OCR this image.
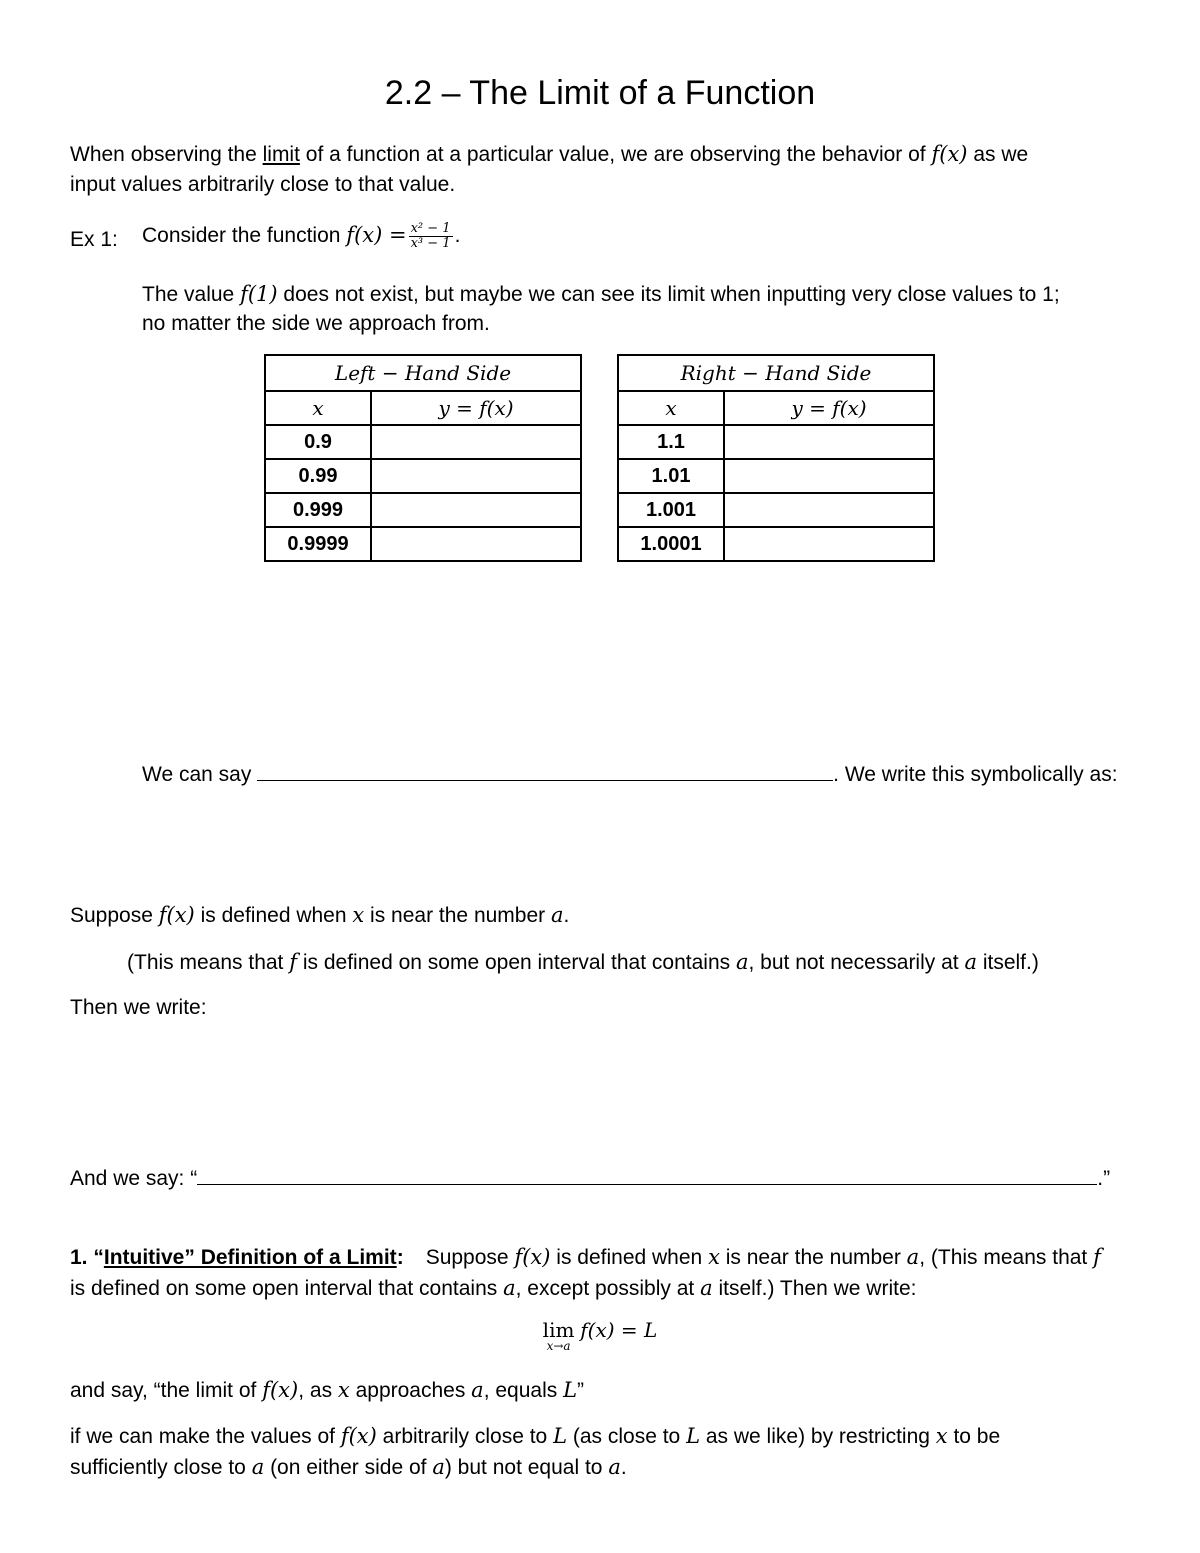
2.2 – The Limit of a Function
When observing the limit of a function at a particular value, we are observing the behavior of f(x) as we
input values arbitrarily close to that value.
Ex 1: Consider the function $f(x) = \frac{\text{x² − 1}}{\text{x³ − 1}}$ .
The value f(1) does not exist, but maybe we can see its limit when inputting very close values to 1;
no matter the side we approach from.
Left − Hand Side	
x	y = f(x)
0.9	
0.99	
0.999	
0.9999	
Right − Hand Side	
x	y = f(x)
1.1	
1.01	
1.001	
1.0001	
We can say	. We write this symbolically as:
Suppose f(x) is defined when x is near the number a.
(This means that f is defined on some open interval that contains a, but not necessarily at a itself.)
Then we write:
And we say: “	.”
1. “Intuitive” Definition of a Limit: Suppose f(x) is defined when x is near the number a, (This means that f
is defined on some open interval that contains a, except possibly at a itself.) Then we write:
lim
x→a
f(x) = L
and say, “the limit of f(x), as x approaches a, equals L”
if we can make the values of f(x) arbitrarily close to L (as close to L as we like) by restricting x to be
sufficiently close to a (on either side of a) but not equal to a.
